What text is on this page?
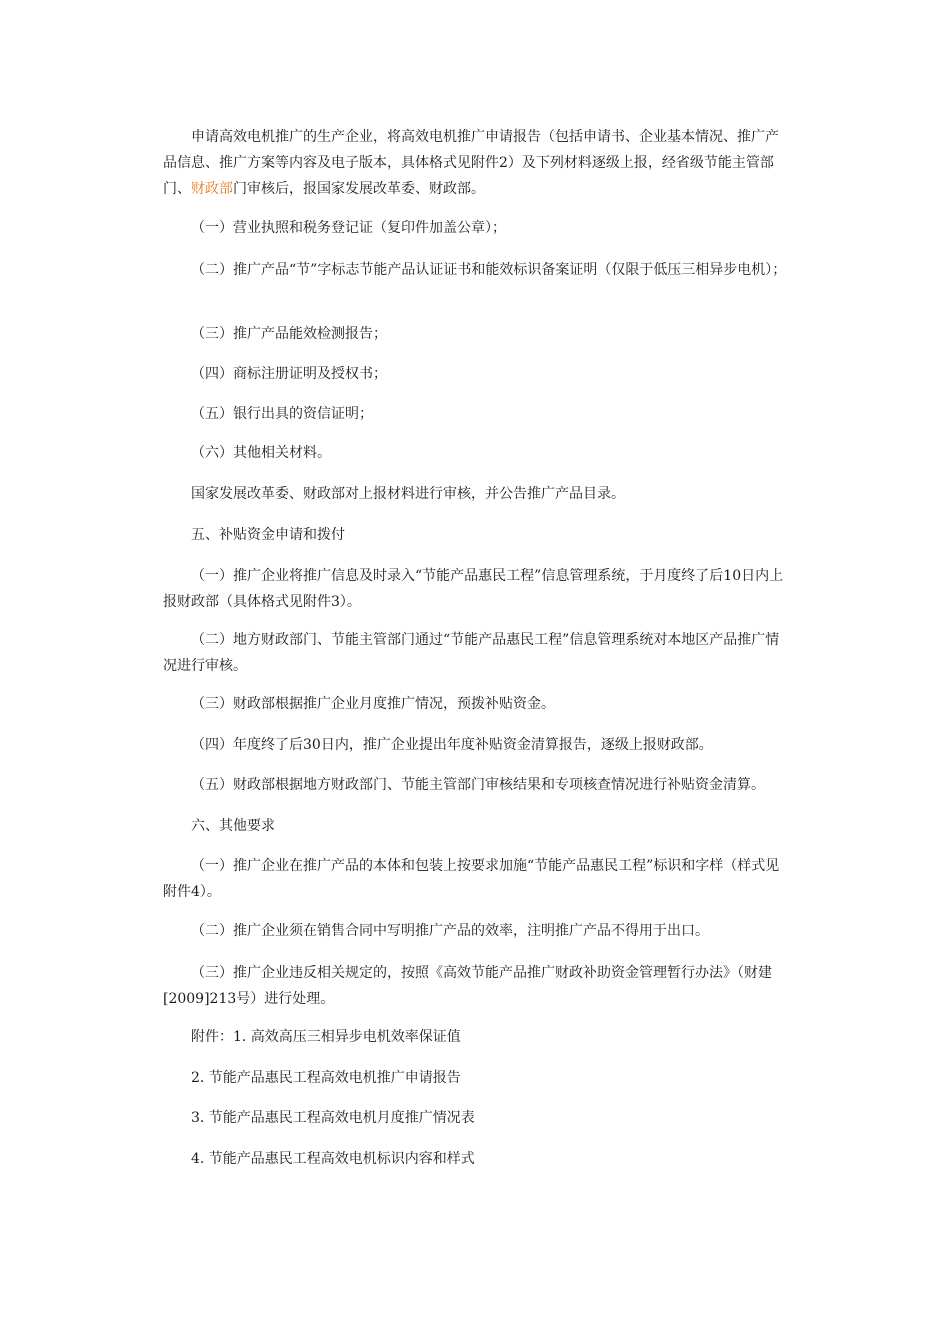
申请高效电机推广的生产企业，将高效电机推广申请报告（包括申请书、企业基本情况、推广产品信息、推广方案等内容及电子版本，具体格式见附件2）及下列材料逐级上报，经省级节能主管部门、财政部门审核后，报国家发展改革委、财政部。

（一）营业执照和税务登记证（复印件加盖公章）；

（二）推广产品“节”字标志节能产品认证证书和能效标识备案证明（仅限于低压三相异步电机）；

（三）推广产品能效检测报告；

（四）商标注册证明及授权书；

（五）银行出具的资信证明；

（六）其他相关材料。

国家发展改革委、财政部对上报材料进行审核，并公告推广产品目录。

五、补贴资金申请和拨付

（一）推广企业将推广信息及时录入“节能产品惠民工程”信息管理系统，于月度终了后10日内上报财政部（具体格式见附件3）。

（二）地方财政部门、节能主管部门通过“节能产品惠民工程”信息管理系统对本地区产品推广情况进行审核。

（三）财政部根据推广企业月度推广情况，预拨补贴资金。

（四）年度终了后30日内，推广企业提出年度补贴资金清算报告，逐级上报财政部。

（五）财政部根据地方财政部门、节能主管部门审核结果和专项核查情况进行补贴资金清算。

六、其他要求

（一）推广企业在推广产品的本体和包装上按要求加施“节能产品惠民工程”标识和字样（样式见附件4）。

（二）推广企业须在销售合同中写明推广产品的效率，注明推广产品不得用于出口。

（三）推广企业违反相关规定的，按照《高效节能产品推广财政补助资金管理暂行办法》（财建[2009]213号）进行处理。

附件：1. 高效高压三相异步电机效率保证值

2. 节能产品惠民工程高效电机推广申请报告

3. 节能产品惠民工程高效电机月度推广情况表

4. 节能产品惠民工程高效电机标识内容和样式
